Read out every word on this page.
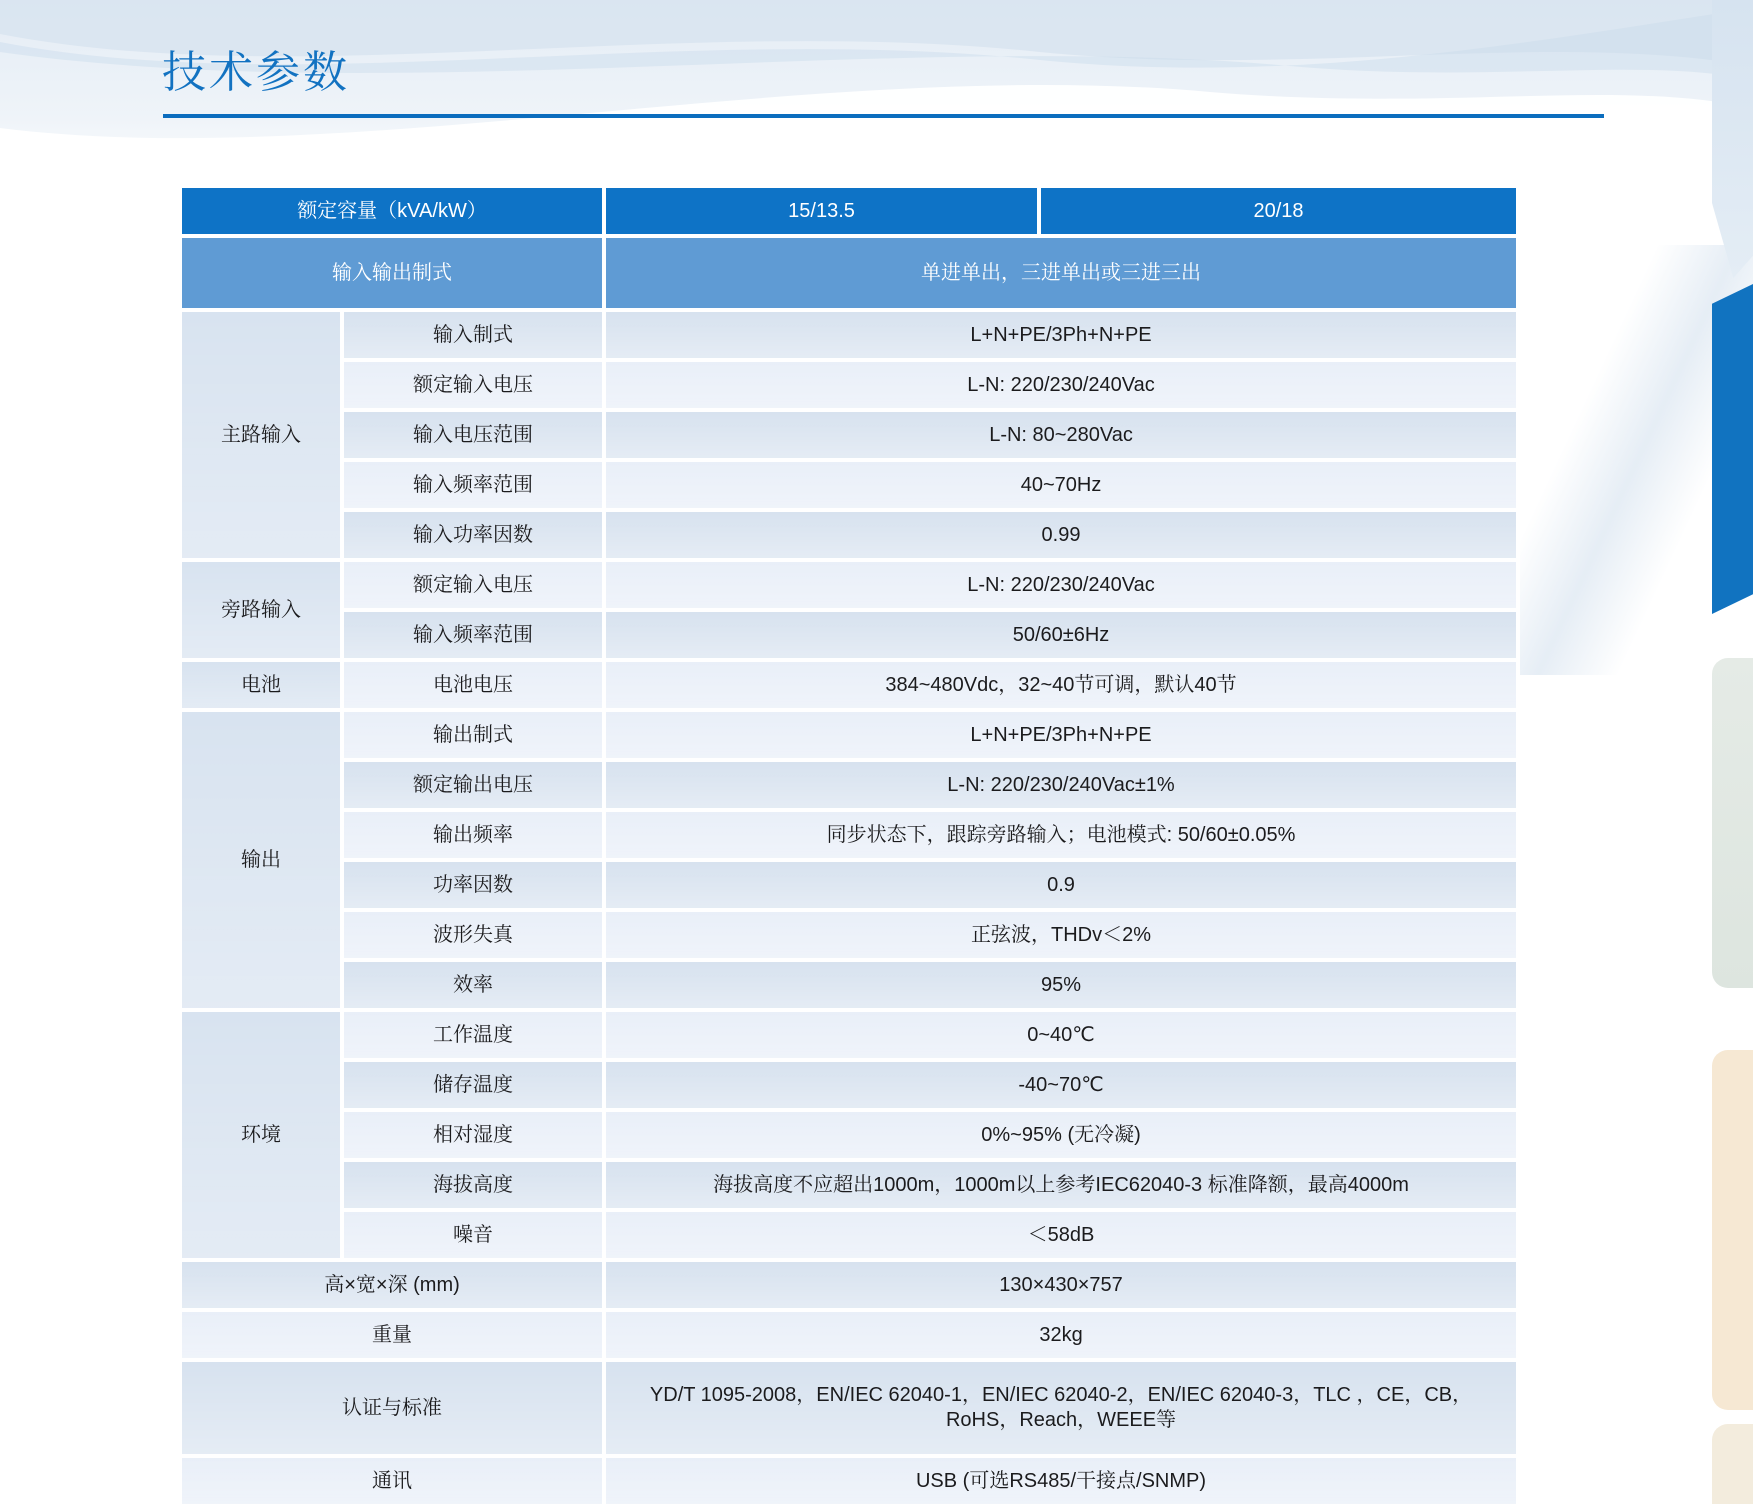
技术参数
额定容量（kVA/kW）		15/13.5	20/18
输入输出制式		单进单出，三进单出或三进三出	
主路输入	输入制式	L+N+PE/3Ph+N+PE	
	额定输入电压	L-N: 220/230/240Vac	
	输入电压范围	L-N: 80~280Vac	
	输入频率范围	40~70Hz	
	输入功率因数	0.99	
旁路输入	额定输入电压	L-N: 220/230/240Vac	
	输入频率范围	50/60±6Hz	
电池	电池电压	384~480Vdc，32~40节可调，默认40节	
输出	输出制式	L+N+PE/3Ph+N+PE	
	额定输出电压	L-N: 220/230/240Vac±1%	
	输出频率	同步状态下，跟踪旁路输入；电池模式: 50/60±0.05%	
	功率因数	0.9	
	波形失真	正弦波，THDv＜2%	
	效率	95%	
环境	工作温度	0~40℃	
	储存温度	-40~70℃	
	相对湿度	0%~95% (无冷凝)	
	海拔高度	海拔高度不应超出1000m，1000m以上参考IEC62040-3 标准降额，最高4000m	
	噪音	＜58dB	
高×宽×深 (mm)		130×430×757	
重量		32kg	
认证与标准		YD/T 1095-2008，EN/IEC 62040-1，EN/IEC 62040-2，EN/IEC 62040-3，TLC ，CE，CB，RoHS，Reach，WEEE等	
通讯		USB (可选RS485/干接点/SNMP)	
